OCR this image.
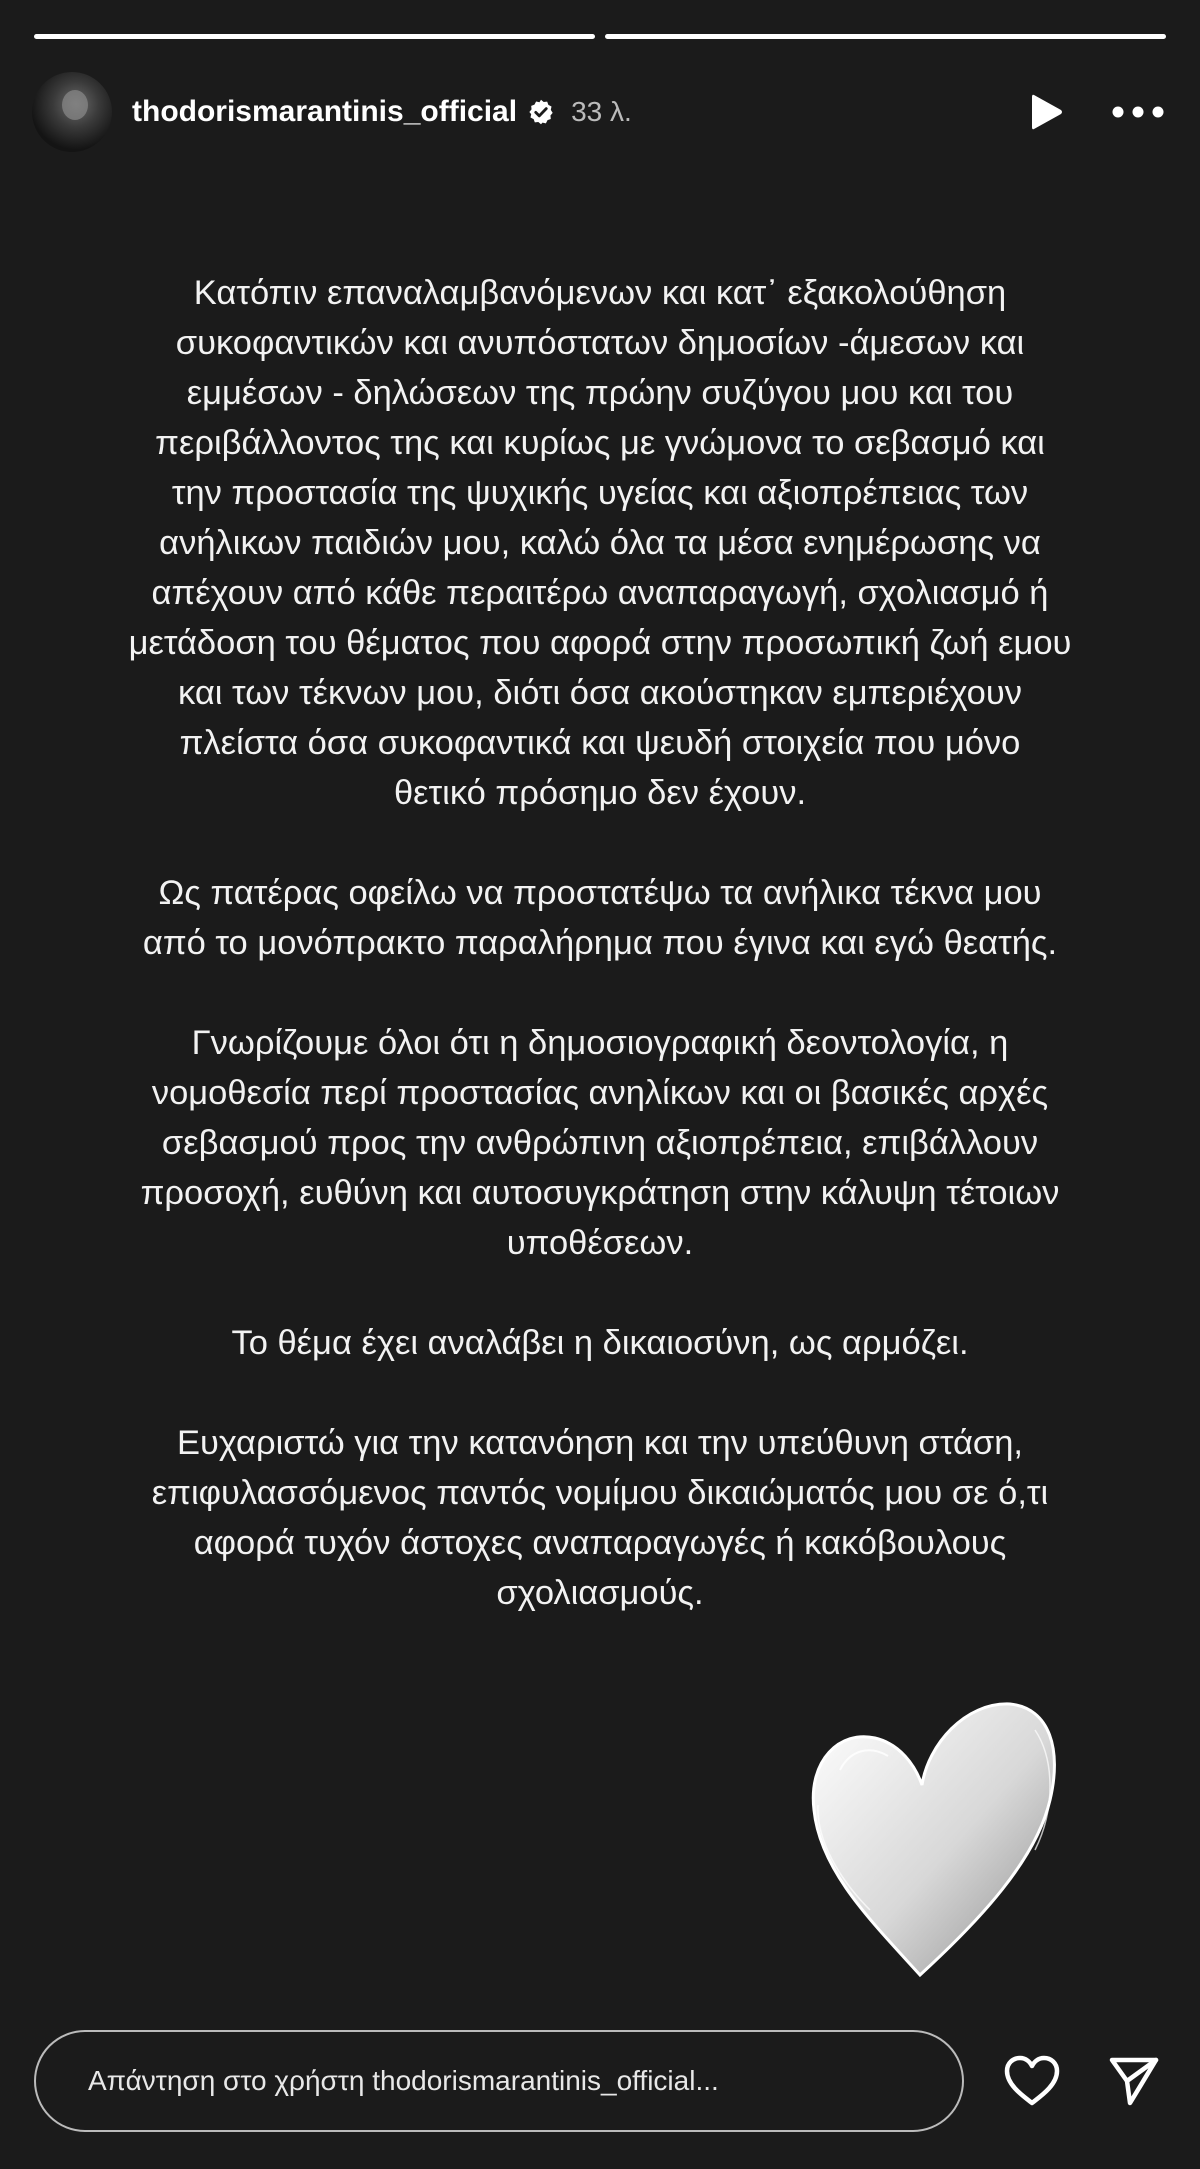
thodorismarantinis_official 33 λ.

Κατόπιν επαναλαμβανόμενων και κατ᾽ εξακολούθηση
συκοφαντικών και ανυπόστατων δημοσίων -άμεσων και
εμμέσων - δηλώσεων της πρώην συζύγου μου και του
περιβάλλοντος της και κυρίως με γνώμονα το σεβασμό και
την προστασία της ψυχικής υγείας και αξιοπρέπειας των
ανήλικων παιδιών μου, καλώ όλα τα μέσα ενημέρωσης να
απέχουν από κάθε περαιτέρω αναπαραγωγή, σχολιασμό ή
μετάδοση του θέματος που αφορά στην προσωπική ζωή εμου
και των τέκνων μου, διότι όσα ακούστηκαν εμπεριέχουν
πλείστα όσα συκοφαντικά και ψευδή στοιχεία που μόνο
θετικό πρόσημο δεν έχουν.

Ως πατέρας οφείλω να προστατέψω τα ανήλικα τέκνα μου
από το μονόπρακτο παραλήρημα που έγινα και εγώ θεατής.

Γνωρίζουμε όλοι ότι η δημοσιογραφική δεοντολογία, η
νομοθεσία περί προστασίας ανηλίκων και οι βασικές αρχές
σεβασμού προς την ανθρώπινη αξιοπρέπεια, επιβάλλουν
προσοχή, ευθύνη και αυτοσυγκράτηση στην κάλυψη τέτοιων
υποθέσεων.

Το θέμα έχει αναλάβει η δικαιοσύνη, ως αρμόζει.

Ευχαριστώ για την κατανόηση και την υπεύθυνη στάση,
επιφυλασσόμενος παντός νομίμου δικαιώματός μου σε ό,τι
αφορά τυχόν άστοχες αναπαραγωγές ή κακόβουλους
σχολιασμούς.

Απάντηση στο χρήστη thodorismarantinis_official...
